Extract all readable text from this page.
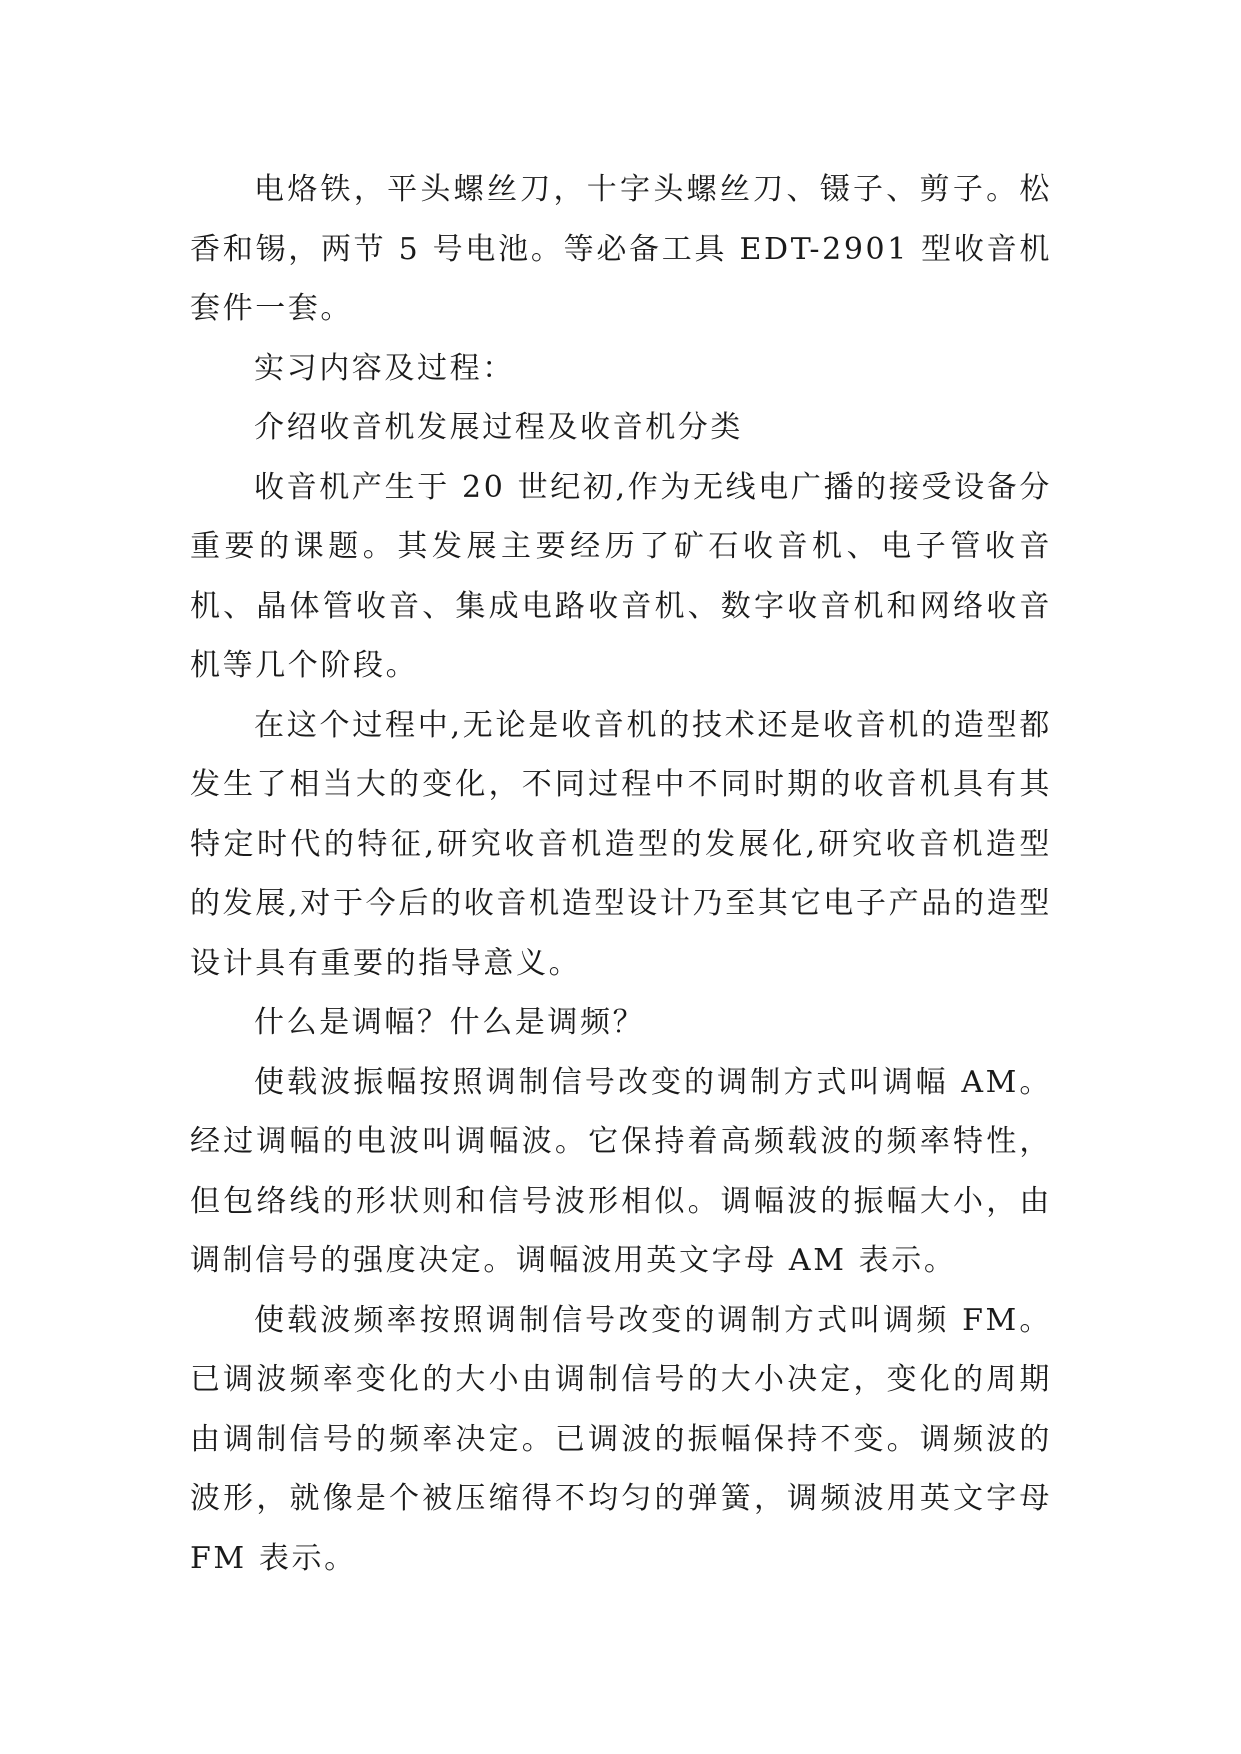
电烙铁，平头螺丝刀，十字头螺丝刀、镊子、剪子。松香和锡，两节 5 号电池。等必备工具 EDT-2901 型收音机套件一套。

实习内容及过程：

介绍收音机发展过程及收音机分类

收音机产生于 20 世纪初,作为无线电广播的接受设备分重要的课题。其发展主要经历了矿石收音机、电子管收音机、晶体管收音、集成电路收音机、数字收音机和网络收音机等几个阶段。

在这个过程中,无论是收音机的技术还是收音机的造型都发生了相当大的变化，不同过程中不同时期的收音机具有其特定时代的特征,研究收音机造型的发展化,研究收音机造型的发展,对于今后的收音机造型设计乃至其它电子产品的造型设计具有重要的指导意义。

什么是调幅？什么是调频？

使载波振幅按照调制信号改变的调制方式叫调幅 AM。经过调幅的电波叫调幅波。它保持着高频载波的频率特性，但包络线的形状则和信号波形相似。调幅波的振幅大小，由调制信号的强度决定。调幅波用英文字母 AM 表示。

使载波频率按照调制信号改变的调制方式叫调频 FM。已调波频率变化的大小由调制信号的大小决定，变化的周期由调制信号的频率决定。已调波的振幅保持不变。调频波的波形，就像是个被压缩得不均匀的弹簧，调频波用英文字母 FM 表示。
